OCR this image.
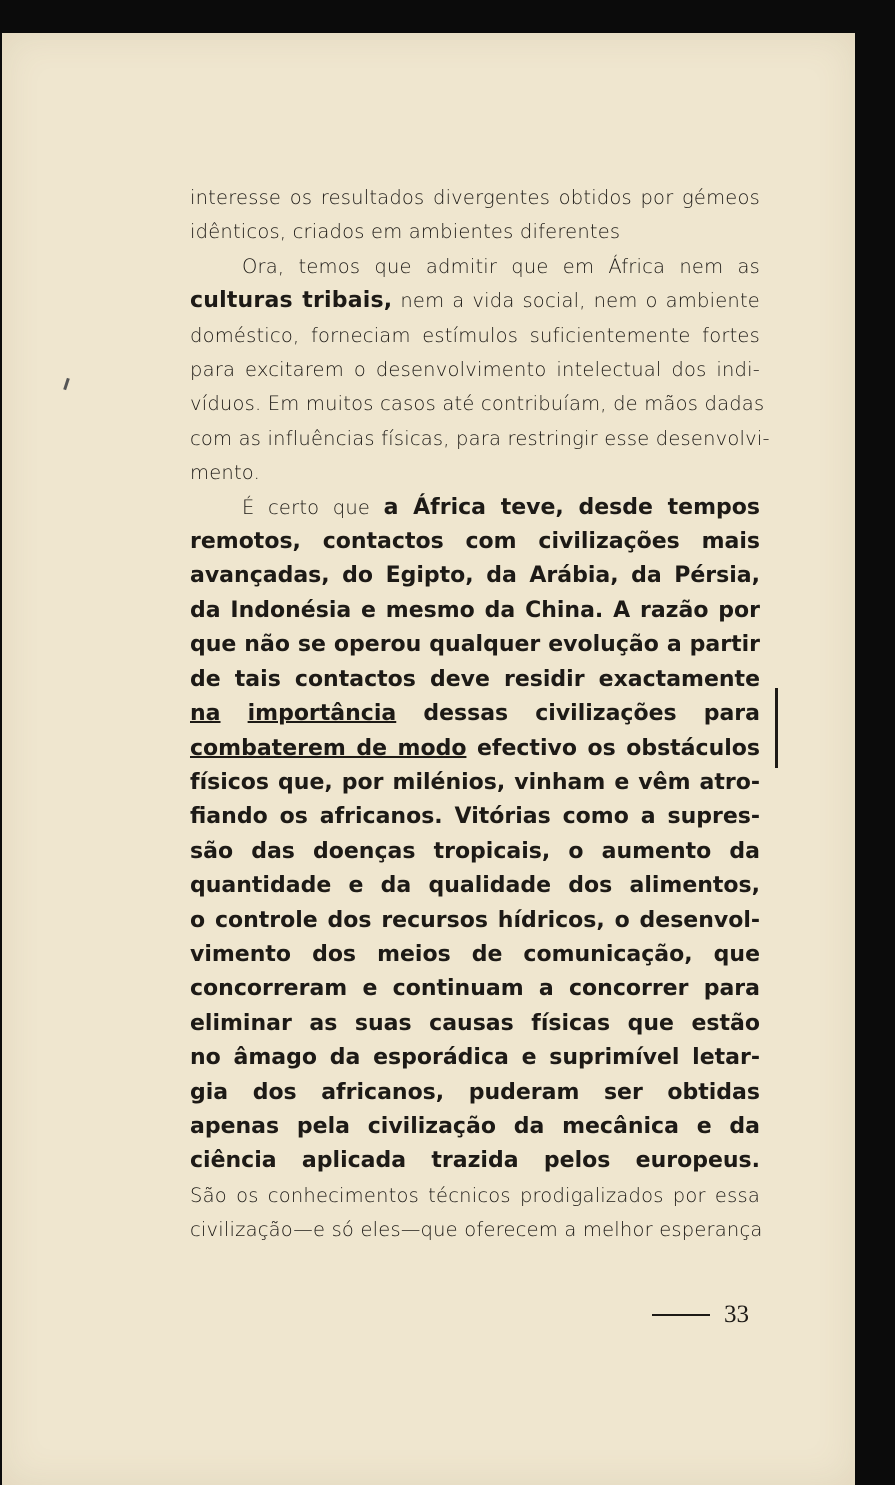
interesse os resultados divergentes obtidos por gémeos
idênticos, criados em ambientes diferentes
Ora, temos que admitir que em África nem as
culturas tribais, nem a vida social, nem o ambiente
doméstico, forneciam estímulos suficientemente fortes
para excitarem o desenvolvimento intelectual dos indi-
víduos. Em muitos casos até contribuíam, de mãos dadas
com as influências físicas, para restringir esse desenvolvi-
mento.
É certo que a África teve, desde tempos
remotos, contactos com civilizações mais
avançadas, do Egipto, da Arábia, da Pérsia,
da Indonésia e mesmo da China. A razão por
que não se operou qualquer evolução a partir
de tais contactos deve residir exactamente
na importância dessas civilizações para
combaterem de modo efectivo os obstáculos
físicos que, por milénios, vinham e vêm atro-
fiando os africanos. Vitórias como a supres-
são das doenças tropicais, o aumento da
quantidade e da qualidade dos alimentos,
o controle dos recursos hídricos, o desenvol-
vimento dos meios de comunicação, que
concorreram e continuam a concorrer para
eliminar as suas causas físicas que estão
no âmago da esporádica e suprimível letar-
gia dos africanos, puderam ser obtidas
apenas pela civilização da mecânica e da
ciência aplicada trazida pelos europeus.
São os conhecimentos técnicos prodigalizados por essa
civilização—e só eles—que oferecem a melhor esperança
33
